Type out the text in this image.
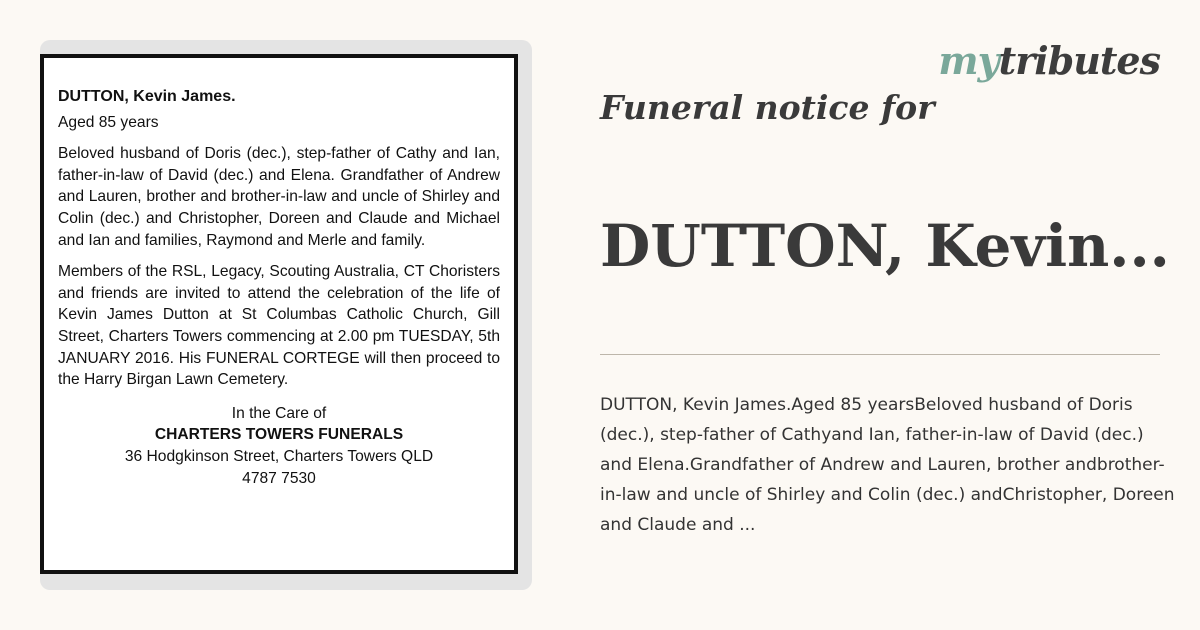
DUTTON, Kevin James.
Aged 85 years
Beloved husband of Doris (dec.), step-father of Cathy and Ian, father-in-law of David (dec.) and Elena. Grandfather of Andrew and Lauren, brother and brother-in-law and uncle of Shirley and Colin (dec.) and Christopher, Doreen and Claude and Michael and Ian and families, Raymond and Merle and family.
Members of the RSL, Legacy, Scouting Australia, CT Choristers and friends are invited to attend the celebration of the life of Kevin James Dutton at St Columbas Catholic Church, Gill Street, Charters Towers commencing at 2.00 pm TUESDAY, 5th JANUARY 2016. His FUNERAL CORTEGE will then proceed to the Harry Birgan Lawn Cemetery.
In the Care of
CHARTERS TOWERS FUNERALS
36 Hodgkinson Street, Charters Towers QLD
4787 7530
mytributes
Funeral notice for
DUTTON, Kevin...

DUTTON, Kevin James.Aged 85 yearsBeloved husband of Doris (dec.), step-father of Cathyand Ian, father-in-law of David (dec.) and Elena.Grandfather of Andrew and Lauren, brother andbrother-in-law and uncle of Shirley and Colin (dec.) andChristopher, Doreen and Claude and ...
